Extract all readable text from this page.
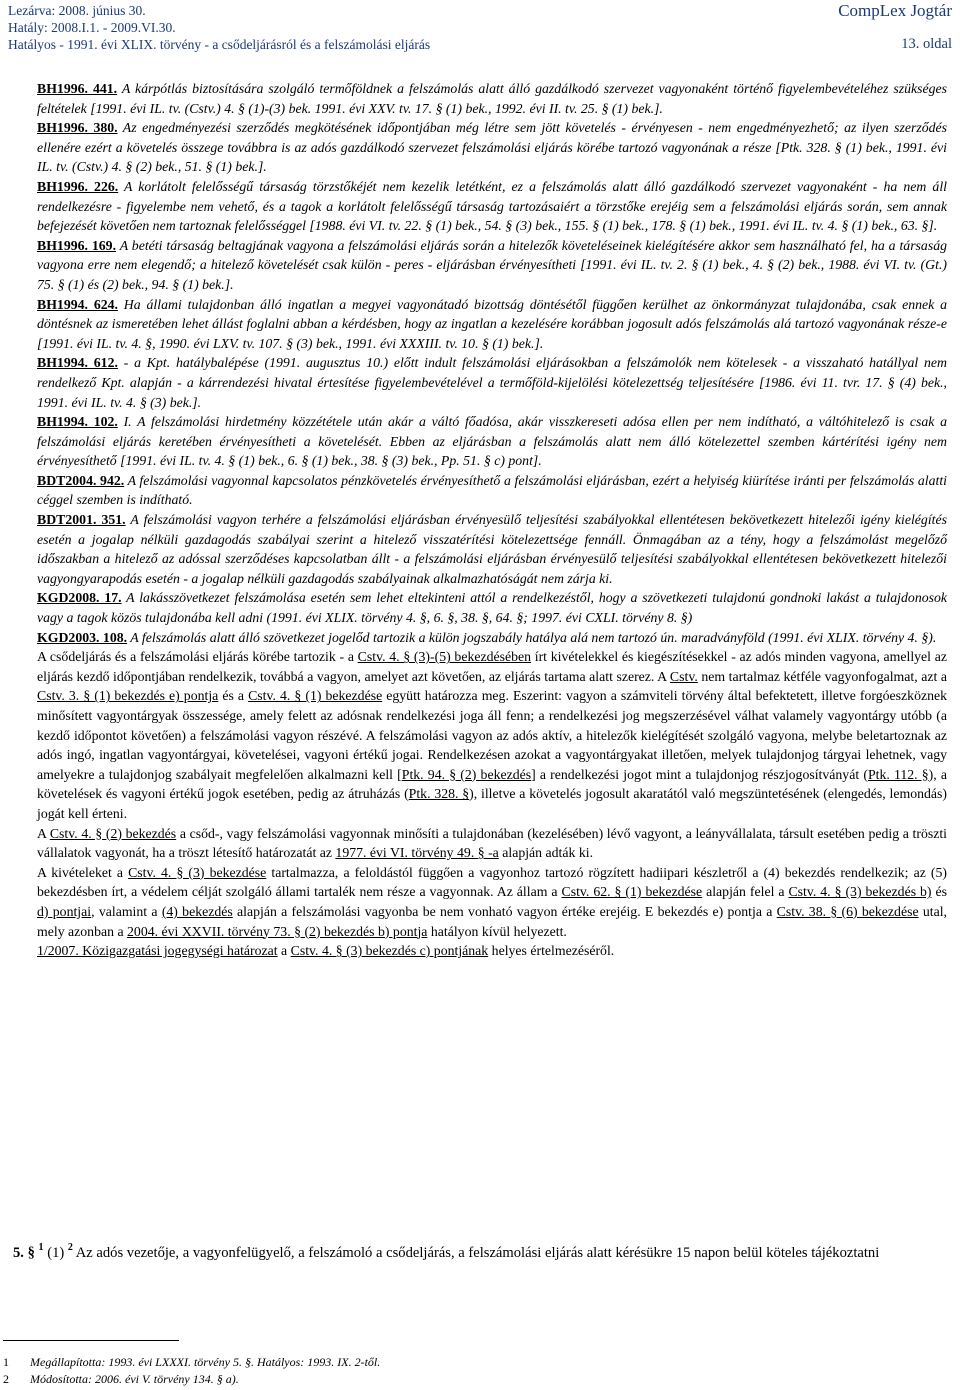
Lezárva: 2008. június 30.	CompLex Jogtár
Hatály: 2008.I.1. - 2009.VI.30.
Hatályos - 1991. évi XLIX. törvény - a csődeljárásról és a felszámolási eljárás	13. oldal

BH1996. 441. A kárpótlás biztosítására szolgáló termőföldnek a felszámolás alatt álló gazdálkodó szervezet vagyonaként történő figyelembevételéhez szükséges feltételek [1991. évi IL. tv. (Cstv.) 4. § (1)-(3) bek. 1991. évi XXV. tv. 17. § (1) bek., 1992. évi II. tv. 25. § (1) bek.].

BH1996. 380. Az engedményezési szerződés megkötésének időpontjában még létre sem jött követelés - érvényesen - nem engedményezhető; az ilyen szerződés ellenére ezért a követelés összege továbbra is az adós gazdálkodó szervezet felszámolási eljárás körébe tartozó vagyonának a része [Ptk. 328. § (1) bek., 1991. évi IL. tv. (Cstv.) 4. § (2) bek., 51. § (1) bek.].

BH1996. 226. A korlátolt felelősségű társaság törzstőkéjét nem kezelik letétként, ez a felszámolás alatt álló gazdálkodó szervezet vagyonaként - ha nem áll rendelkezésre - figyelembe nem vehető, és a tagok a korlátolt felelősségű társaság tartozásaiért a törzstőke erejéig sem a felszámolási eljárás során, sem annak befejezését követően nem tartoznak felelősséggel [1988. évi VI. tv. 22. § (1) bek., 54. § (3) bek., 155. § (1) bek., 178. § (1) bek., 1991. évi IL. tv. 4. § (1) bek., 63. §].

BH1996. 169. A betéti társaság beltagjának vagyona a felszámolási eljárás során a hitelezők követeléseinek kielégítésére akkor sem használható fel, ha a társaság vagyona erre nem elegendő; a hitelező követelését csak külön - peres - eljárásban érvényesítheti [1991. évi IL. tv. 2. § (1) bek., 4. § (2) bek., 1988. évi VI. tv. (Gt.) 75. § (1) és (2) bek., 94. § (1) bek.].

BH1994. 624. Ha állami tulajdonban álló ingatlan a megyei vagyonátadó bizottság döntésétől függően kerülhet az önkormányzat tulajdonába, csak ennek a döntésnek az ismeretében lehet állást foglalni abban a kérdésben, hogy az ingatlan a kezelésére korábban jogosult adós felszámolás alá tartozó vagyonának része-e [1991. évi IL. tv. 4. §, 1990. évi LXV. tv. 107. § (3) bek., 1991. évi XXXIII. tv. 10. § (1) bek.].

BH1994. 612. - a Kpt. hatálybalépése (1991. augusztus 10.) előtt indult felszámolási eljárásokban a felszámolók nem kötelesek - a visszaható hatállyal nem rendelkező Kpt. alapján - a kárrendezési hivatal értesítése figyelembevételével a termőföld-kijelölési kötelezettség teljesítésére [1986. évi 11. tvr. 17. § (4) bek., 1991. évi IL. tv. 4. § (3) bek.].

BH1994. 102. I. A felszámolási hirdetmény közzététele után akár a váltó főadósa, akár visszkereseti adósa ellen per nem indítható, a váltóhitelező is csak a felszámolási eljárás keretében érvényesítheti a követelését. Ebben az eljárásban a felszámolás alatt nem álló kötelezettel szemben kártérítési igény nem érvényesíthető [1991. évi IL. tv. 4. § (1) bek., 6. § (1) bek., 38. § (3) bek., Pp. 51. § c) pont].

BDT2004. 942. A felszámolási vagyonnal kapcsolatos pénzkövetelés érvényesíthető a felszámolási eljárásban, ezért a helyiség kiürítése iránti per felszámolás alatti céggel szemben is indítható.

BDT2001. 351. A felszámolási vagyon terhére a felszámolási eljárásban érvényesülő teljesítési szabályokkal ellentétesen bekövetkezett hitelezői igény kielégítés esetén a jogalap nélküli gazdagodás szabályai szerint a hitelező visszatérítési kötelezettsége fennáll. Önmagában az a tény, hogy a felszámolást megelőző időszakban a hitelező az adóssal szerződéses kapcsolatban állt - a felszámolási eljárásban érvényesülő teljesítési szabályokkal ellentétesen bekövetkezett hitelezői vagyongyarapodás esetén - a jogalap nélküli gazdagodás szabályainak alkalmazhatóságát nem zárja ki.

KGD2008. 17. A lakásszövetkezet felszámolása esetén sem lehet eltekinteni attól a rendelkezéstől, hogy a szövetkezeti tulajdonú gondnoki lakást a tulajdonosok vagy a tagok közös tulajdonába kell adni (1991. évi XLIX. törvény 4. §, 6. §, 38. §, 64. §; 1997. évi CXLI. törvény 8. §)

KGD2003. 108. A felszámolás alatt álló szövetkezet jogelőd tartozik a külön jogszabály hatálya alá nem tartozó ún. maradványföld (1991. évi XLIX. törvény 4. §).

A csődeljárás és a felszámolási eljárás körébe tartozik - a Cstv. 4. § (3)-(5) bekezdésében írt kivételekkel és kiegészítésekkel - az adós minden vagyona, amellyel az eljárás kezdő időpontjában rendelkezik, továbbá a vagyon, amelyet azt követően, az eljárás tartama alatt szerez. A Cstv. nem tartalmaz kétféle vagyonfogalmat, azt a Cstv. 3. § (1) bekezdés e) pontja és a Cstv. 4. § (1) bekezdése együtt határozza meg. Eszerint: vagyon a számviteli törvény által befektetett, illetve forgóeszköznek minősített vagyontárgyak összessége, amely felett az adósnak rendelkezési joga áll fenn; a rendelkezési jog megszerzésével válhat valamely vagyontárgy utóbb (a kezdő időpontot követően) a felszámolási vagyon részévé. A felszámolási vagyon az adós aktív, a hitelezők kielégítését szolgáló vagyona, melybe beletartoznak az adós ingó, ingatlan vagyontárgyai, követelései, vagyoni értékű jogai. Rendelkezésen azokat a vagyontárgyakat illetően, melyek tulajdonjog tárgyai lehetnek, vagy amelyekre a tulajdonjog szabályait megfelelően alkalmazni kell [Ptk. 94. § (2) bekezdés] a rendelkezési jogot mint a tulajdonjog részjogosítványát (Ptk. 112. §), a követelések és vagyoni értékű jogok esetében, pedig az átruházás (Ptk. 328. §), illetve a követelés jogosult akaratától való megszüntetésének (elengedés, lemondás) jogát kell érteni.
A Cstv. 4. § (2) bekezdés a csőd-, vagy felszámolási vagyonnak minősíti a tulajdonában (kezelésében) lévő vagyont, a leányvállalata, társult esetében pedig a tröszti vállalatok vagyonát, ha a tröszt létesítő határozatát az 1977. évi VI. törvény 49. § -a alapján adták ki.
A kivételeket a Cstv. 4. § (3) bekezdése tartalmazza, a feloldástól függően a vagyonhoz tartozó rögzített hadiipari készletről a (4) bekezdés rendelkezik; az (5) bekezdésben írt, a védelem célját szolgáló állami tartalék nem része a vagyonnak. Az állam a Cstv. 62. § (1) bekezdése alapján felel a Cstv. 4. § (3) bekezdés b) és d) pontjai, valamint a (4) bekezdés alapján a felszámolási vagyonba be nem vonható vagyon értéke erejéig. E bekezdés e) pontja a Cstv. 38. § (6) bekezdése utal, mely azonban a 2004. évi XXVII. törvény 73. § (2) bekezdés b) pontja hatályon kívül helyezett.
1/2007. Közigazgatási jogegységi határozat a Cstv. 4. § (3) bekezdés c) pontjának helyes értelmezéséről.

5. § $^1$ (1) $^2$ Az adós vezetője, a vagyonfelügyelő, a felszámoló a csődeljárás, a felszámolási eljárás alatt kérésükre 15 napon belül köteles tájékoztatni
1 Megállapította: 1993. évi LXXXI. törvény 5. §. Hatályos: 1993. IX. 2-től.
2 Módosította: 2006. évi V. törvény 134. § a).
